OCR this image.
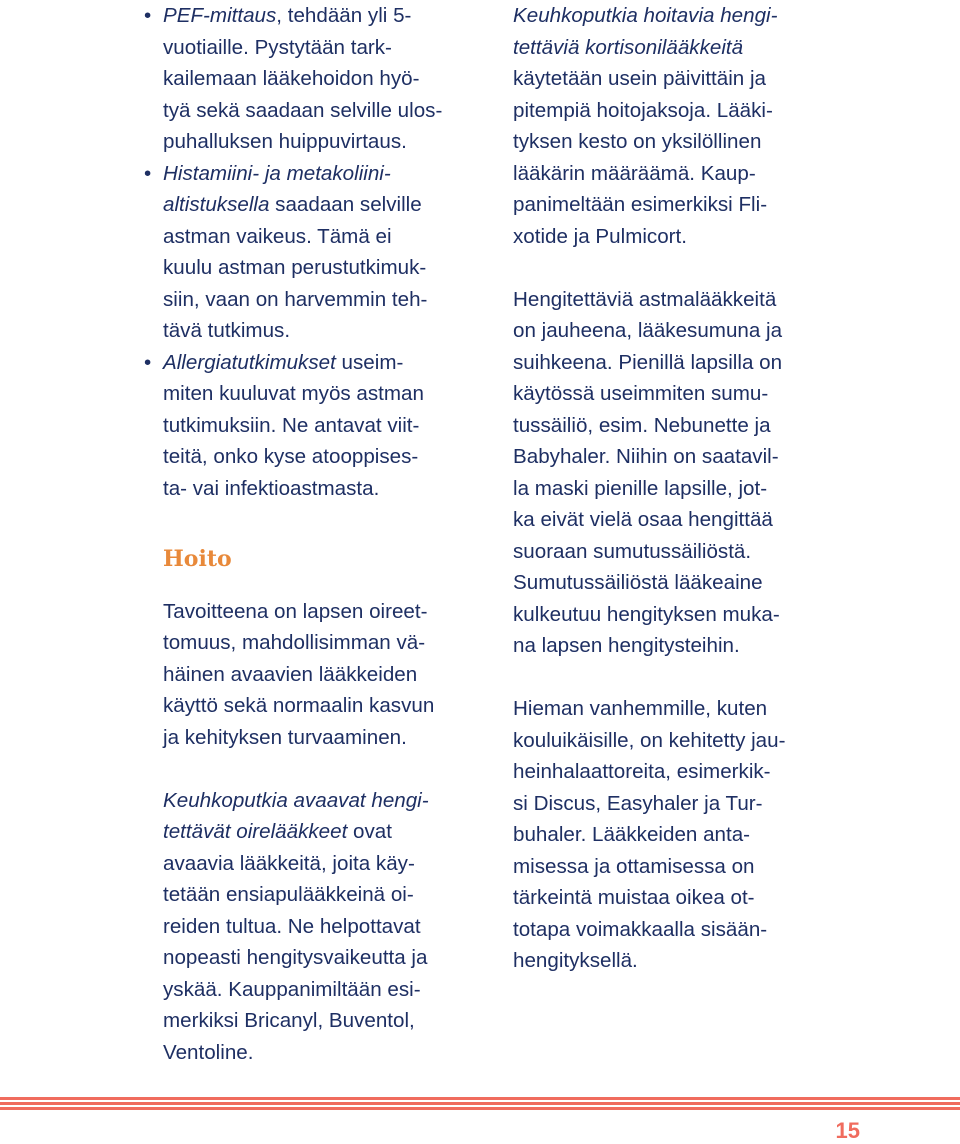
• PEF-mittaus, tehdään yli 5-
vuotiaille. Pystytään tark-
kailemaan lääkehoidon hyö-
tyä sekä saadaan selville ulos-
puhalluksen huippuvirtaus.
• Histamiini- ja metakoliini-
altistuksella saadaan selville
astman vaikeus. Tämä ei
kuulu astman perustutkimuk-
siin, vaan on harvemmin teh-
tävä tutkimus.
• Allergiatutkimukset useim-
miten kuuluvat myös astman
tutkimuksiin. Ne antavat viit-
teitä, onko kyse atooppises-
ta- vai infektioastmasta.
Hoito
Tavoitteena on lapsen oireet-
tomuus, mahdollisimman vä-
häinen avaavien lääkkeiden
käyttö sekä normaalin kasvun
ja kehityksen turvaaminen.
Keuhkoputkia avaavat hengi-
tettävät oirelääkkeet ovat
avaavia lääkkeitä, joita käy-
tetään ensiapulääkkeinä oi-
reiden tultua. Ne helpottavat
nopeasti hengitysvaikeutta ja
yskää. Kauppanimiltään esi-
merkiksi Bricanyl, Buventol,
Ventoline.
Keuhkoputkia hoitavia hengi-
tettäviä kortisonilääkkeitä
käytetään usein päivittäin ja
pitempiä hoitojaksoja. Lääki-
tyksen kesto on yksilöllinen
lääkärin määräämä. Kaup-
panimeltään esimerkiksi Fli-
xotide ja Pulmicort.
Hengitettäviä astmalääkkeitä
on jauheena, lääkesumuna ja
suihkeena. Pienillä lapsilla on
käytössä useimmiten sumu-
tussäiliö, esim. Nebunette ja
Babyhaler. Niihin on saatavil-
la maski pienille lapsille, jot-
ka eivät vielä osaa hengittää
suoraan sumutussäiliöstä.
Sumutussäiliöstä lääkeaine
kulkeutuu hengityksen muka-
na lapsen hengitysteihin.
Hieman vanhemmille, kuten
kouluikäisille, on kehitetty jau-
heinhalaattoreita, esimerkik-
si Discus, Easyhaler ja Tur-
buhaler. Lääkkeiden anta-
misessa ja ottamisessa on
tärkeintä muistaa oikea ot-
totapa voimakkaalla sisään-
hengityksellä.
15
